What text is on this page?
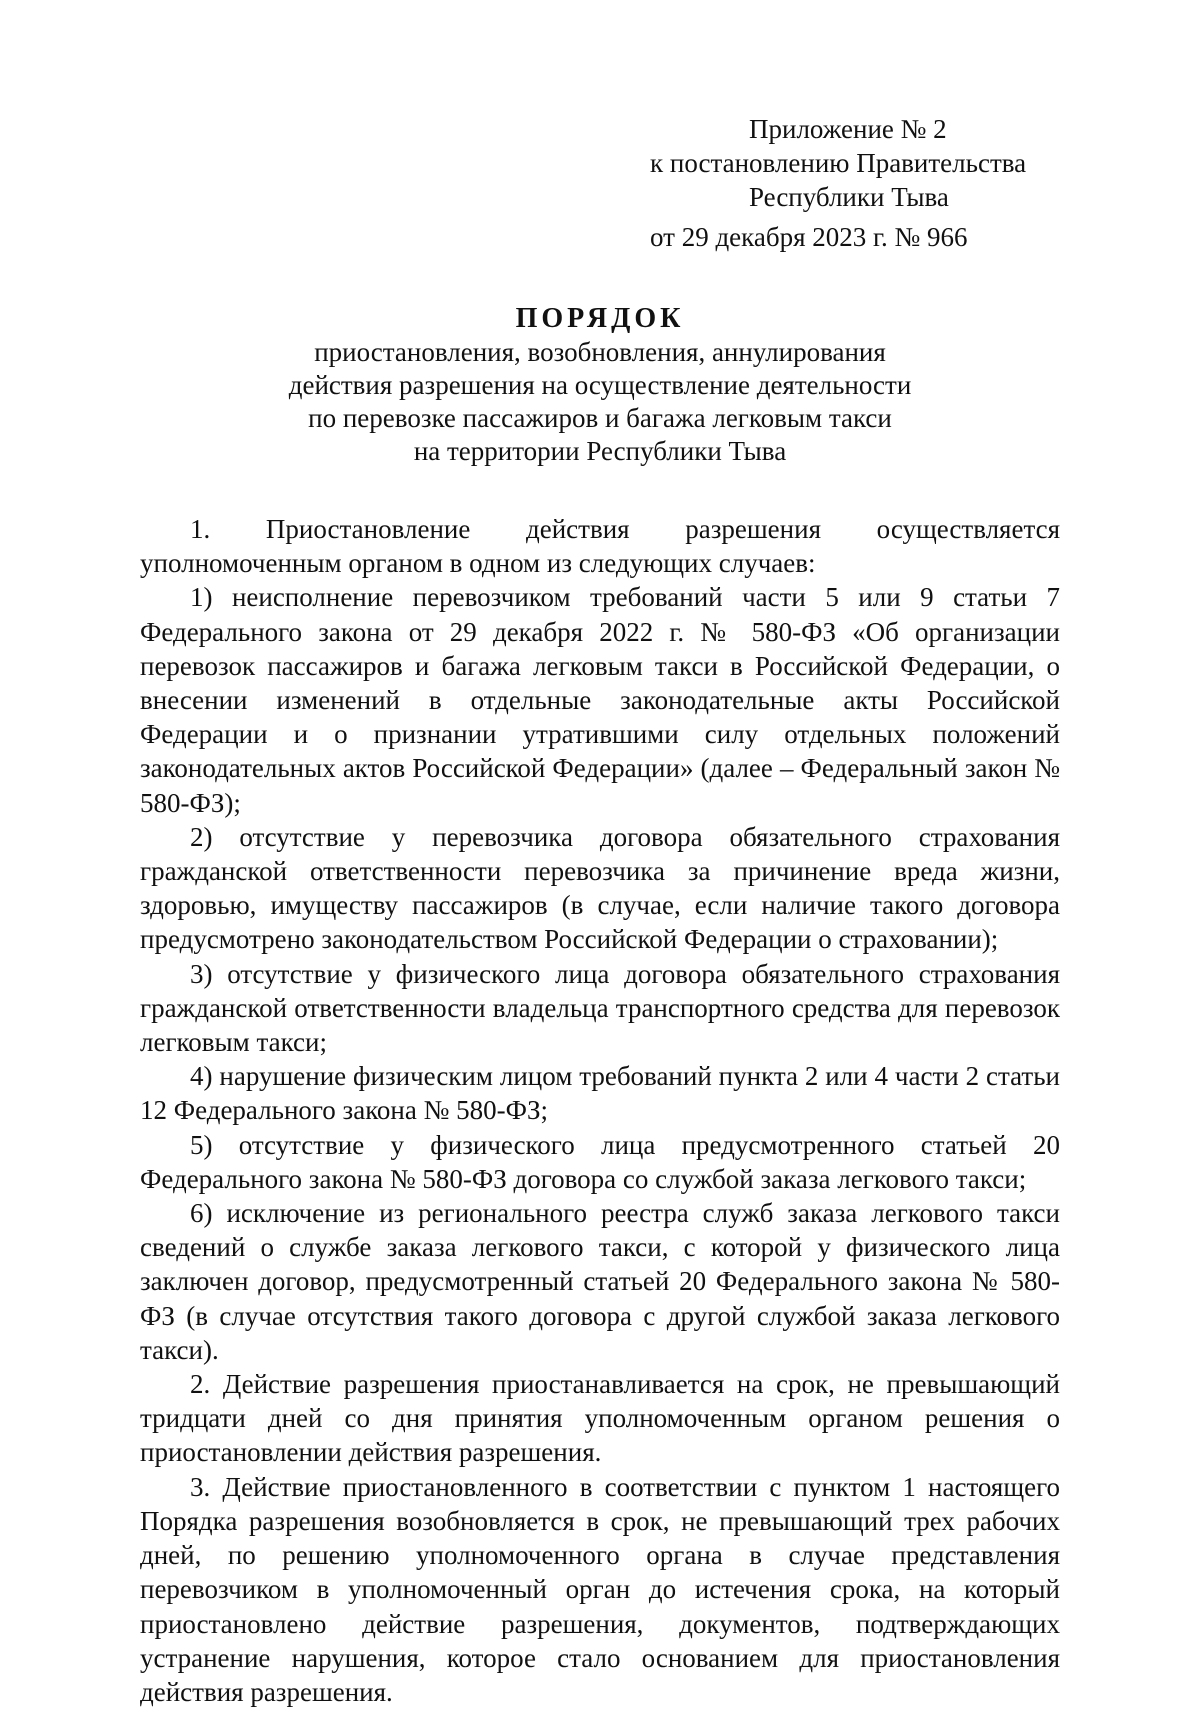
Приложение № 2
к постановлению Правительства
Республики Тыва
от 29 декабря 2023 г. № 966
ПОРЯДОК
приостановления, возобновления, аннулирования
действия разрешения на осуществление деятельности
по перевозке пассажиров и багажа легковым такси
на территории Республики Тыва

1. Приостановление действия разрешения осуществляется уполномоченным органом в одном из следующих случаев:

1) неисполнение перевозчиком требований части 5 или 9 статьи 7 Федерального закона от 29 декабря 2022 г. № 580-ФЗ «Об организации перевозок пассажиров и багажа легковым такси в Российской Федерации, о внесении изменений в отдельные законодательные акты Российской Федерации и о признании утратившими силу отдельных положений законодательных актов Российской Федерации» (далее – Федеральный закон № 580-ФЗ);

2) отсутствие у перевозчика договора обязательного страхования гражданской ответственности перевозчика за причинение вреда жизни, здоровью, имуществу пассажиров (в случае, если наличие такого договора предусмотрено законодательством Российской Федерации о страховании);

3) отсутствие у физического лица договора обязательного страхования гражданской ответственности владельца транспортного средства для перевозок легковым такси;

4) нарушение физическим лицом требований пункта 2 или 4 части 2 статьи 12 Федерального закона № 580-ФЗ;

5) отсутствие у физического лица предусмотренного статьей 20 Федерального закона № 580-ФЗ договора со службой заказа легкового такси;

6) исключение из регионального реестра служб заказа легкового такси сведений о службе заказа легкового такси, с которой у физического лица заключен договор, предусмотренный статьей 20 Федерального закона № 580-ФЗ (в случае отсутствия такого договора с другой службой заказа легкового такси).

2. Действие разрешения приостанавливается на срок, не превышающий тридцати дней со дня принятия уполномоченным органом решения о приостановлении действия разрешения.

3. Действие приостановленного в соответствии с пунктом 1 настоящего Порядка разрешения возобновляется в срок, не превышающий трех рабочих дней, по решению уполномоченного органа в случае представления перевозчиком в уполномоченный орган до истечения срока, на который приостановлено действие разрешения, документов, подтверждающих устранение нарушения, которое стало основанием для приостановления действия разрешения.
